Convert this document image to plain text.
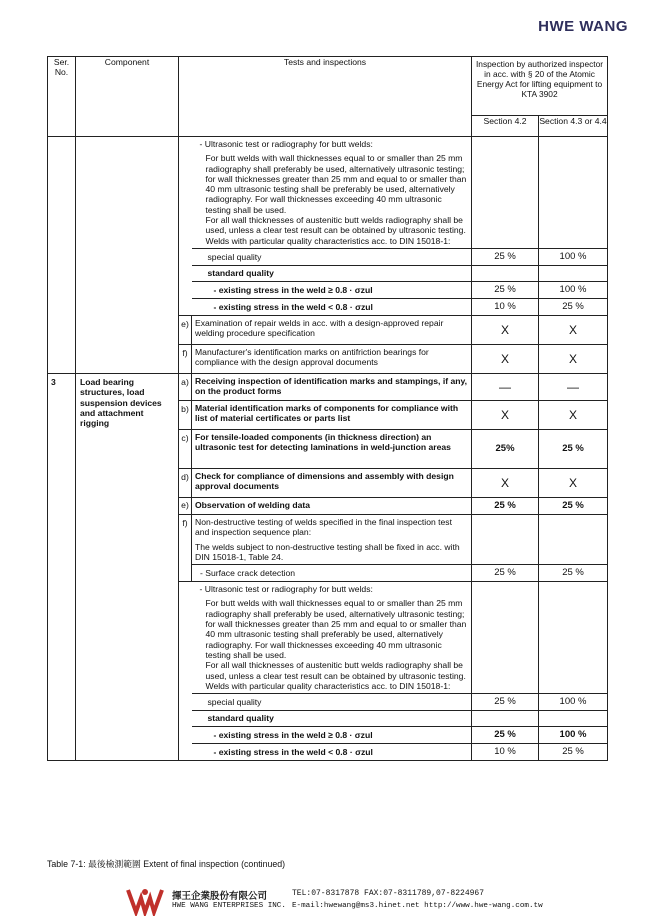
HWE WANG
Ser. No.	Component	Tests and inspections		Inspection by authorized inspector in acc. with § 20 of the Atomic Energy Act for lifting equipment to KTA 3902	
				Section 4.2	Section 4.3 or 4.4

			- Ultrasonic test or radiography for butt welds:

For butt welds with wall thicknesses equal to or smaller than 25 mm radiography shall preferably be used, alternatively ultrasonic testing; for wall thicknesses greater than 25 mm and equal to or smaller than 40 mm ultrasonic testing shall be preferably be used, alternatively radiography. For wall thicknesses exceeding 40 mm ultrasonic testing shall be used.

For all wall thicknesses of austenitic butt welds radiography shall be used, unless a clear test result can be obtained by ultrasonic testing.

Welds with particular quality characteristics acc. to DIN 15018-1:		

			special quality	25 %	100 %
			standard quality		
			- existing stress in the weld ≥ 0.8 · σzul	25 %	100 %
			- existing stress in the weld < 0.8 · σzul	10 %	25 %
		e)	Examination of repair welds in acc. with a design-approved repair welding procedure specification	X	X
		f)	Manufacturer's identification marks on antifriction bearings for compliance with the design approval documents	X	X
3	Load bearing structures, load suspension devices and attachment rigging	a)	Receiving inspection of identification marks and stampings, if any, on the product forms	—	—
		b)	Material identification marks of components for compliance with list of material certificates or parts list	X	X
		c)	For tensile-loaded components (in thickness direction) an ultrasonic test for detecting laminations in weld-junction areas	25%	25 %
		d)	Check for compliance of dimensions and assembly with design approval documents	X	X
		e)	Observation of welding data	25 %	25 %
		f)	Non-destructive testing of welds specified in the final inspection test and inspection sequence plan:

The welds subject to non-destructive testing shall be fixed in acc. with DIN 15018-1, Table 24.		

			- Surface crack detection	25 %	25 %

			- Ultrasonic test or radiography for butt welds:

For butt welds with wall thicknesses equal to or smaller than 25 mm radiography shall preferably be used, alternatively ultrasonic testing; for wall thicknesses greater than 25 mm and equal to or smaller than 40 mm ultrasonic testing shall preferably be used, alternatively radiography. For wall thicknesses exceeding 40 mm ultrasonic testing shall be used.

For all wall thicknesses of austenitic butt welds radiography shall be used, unless a clear test result can be obtained by ultrasonic testing.

Welds with particular quality characteristics acc. to DIN 15018-1:		

			special quality	25 %	100 %
			standard quality		
			- existing stress in the weld ≥ 0.8 · σzul	25 %	100 %
			- existing stress in the weld < 0.8 · σzul	10 %	25 %
Table 7-1: 最後檢測範圍 Extent of final inspection (continued)
揮王企業股份有限公司	TEL:07-8317878 FAX:07-8311789,07-8224967
HWE WANG ENTERPRISES INC. E-mail:hwewang@ms3.hinet.net http://www.hwe-wang.com.tw
